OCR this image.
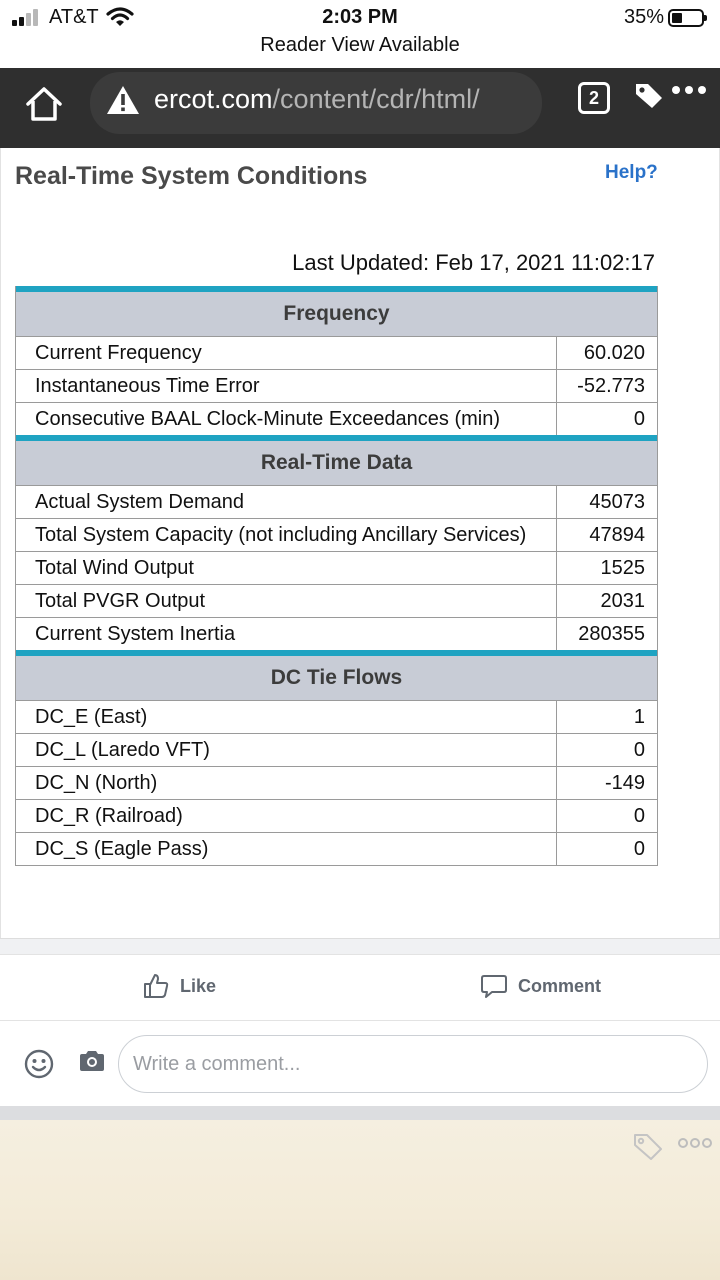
AT&T	2:03 PM	35%
Reader View Available
ercot.com/content/cdr/html/	2
Real-Time System Conditions	Help?
Last Updated: Feb 17, 2021 11:02:17
Frequency
Current Frequency	60.020
Instantaneous Time Error	-52.773
Consecutive BAAL Clock-Minute Exceedances (min)	0
Real-Time Data
Actual System Demand	45073
Total System Capacity (not including Ancillary Services)	47894
Total Wind Output	1525
Total PVGR Output	2031
Current System Inertia	280355
DC Tie Flows
DC_E (East)	1
DC_L (Laredo VFT)	0
DC_N (North)	-149
DC_R (Railroad)	0
DC_S (Eagle Pass)	0
Like	Comment
Write a comment...
